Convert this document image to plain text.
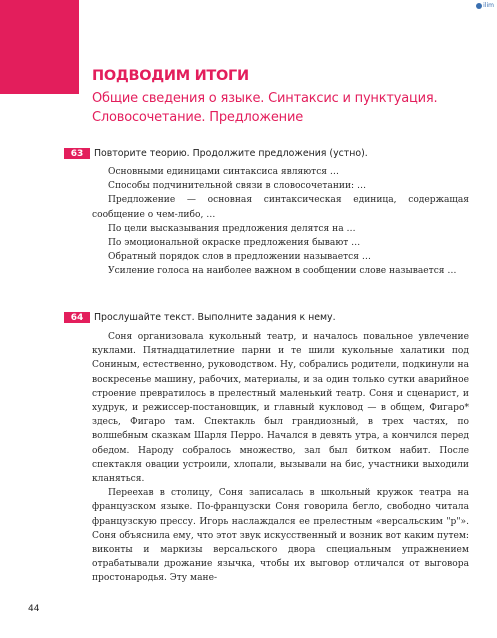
ilim
ПОДВОДИМ ИТОГИ
Общие сведения о языке. Синтаксис и пунктуация.
Словосочетание. Предложение
63	Повторите теорию. Продолжите предложения (устно).

Основными единицами синтаксиса являются …

Способы подчинительной связи в словосочетании: …

Предложение — основная синтаксическая единица, содержащая сообщение о чем-либо, …

По цели высказывания предложения делятся на …

По эмоциональной окраске предложения бывают …

Обратный порядок слов в предложении называется …

Усиление голоса на наиболее важном в сообщении слове называется …

64	Прослушайте текст. Выполните задания к нему.

Соня организовала кукольный театр, и началось повальное увлечение куклами. Пятнадцатилетние парни и те шили кукольные халатики под Сониным, естественно, руководством. Ну, собрались родители, подкинули на воскресенье машину, рабочих, материалы, и за один только сутки аварийное строение превратилось в прелестный маленький театр. Соня и сценарист, и худрук, и режиссер-постановщик, и главный кукловод — в общем, Фигаро* здесь, Фигаро там. Спектакль был грандиозный, в трех частях, по волшебным сказкам Шарля Перро. Начался в девять утра, а кончился перед обедом. Народу собралось множество, зал был битком набит. После спектакля овации устроили, хлопали, вызывали на бис, участники выходили кланяться.

Переехав в столицу, Соня записалась в школьный кружок театра на французском языке. По-французски Соня говорила бегло, свободно читала французскую прессу. Игорь наслаждался ее прелестным «версальским "р"». Соня объяснила ему, что этот звук искусственный и возник вот каким путем: виконты и маркизы версальского двора специальным упражнением отрабатывали дрожание язычка, чтобы их выговор отличался от выговора простонародья. Эту мане-

44
